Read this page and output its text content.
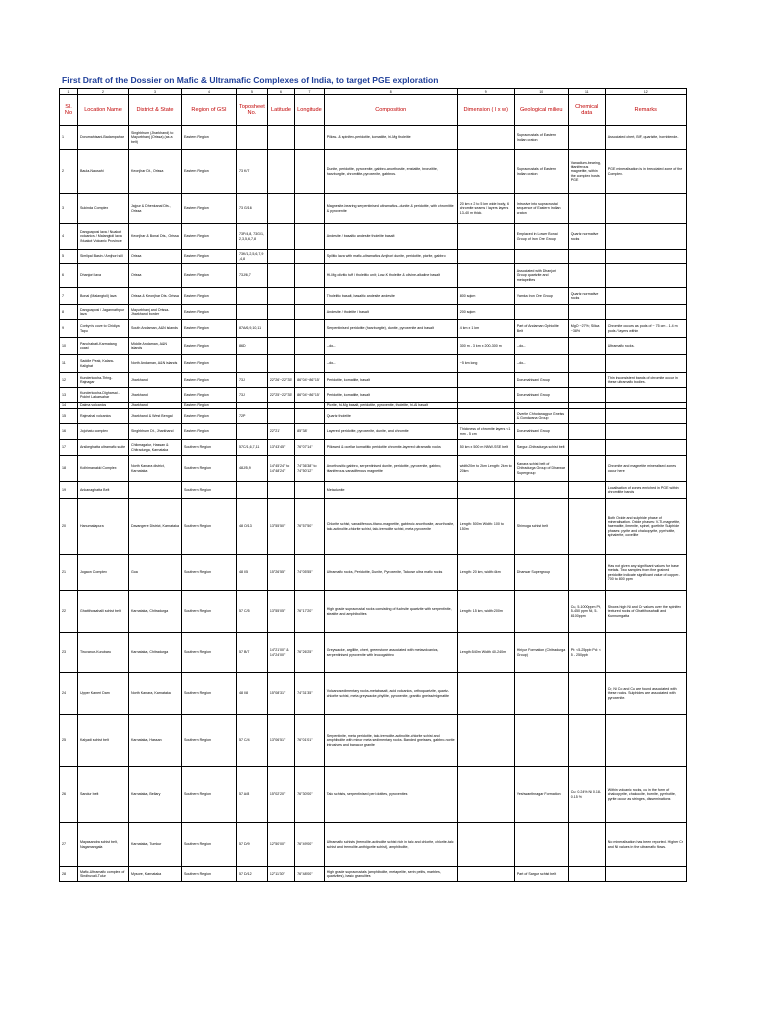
First Draft of the Dossier on Mafic & Ultramafic Complexes of India, to target PGE exploration
1	2	3	4	5	6	7	8	9	10	11	12
Sl. No	Location Name	District & State	Region of GSI	Toposheet No.	Latitude	Longitude	Composition	Dimension ( l x w)	Geological milieu	Chemical data	Remarks
1	Dorumahisani-Badampahar	Singhbhum (Jharkhand) to Mayurbhanj (Orissa) (as a belt)	Eastern Region				Pillow- & spinifex-peridotite, komatiite, hi-Mg tholeiite		Supracrustals of Eastern Indian craton		Associated chert, BIF, quartzite, hornblende-
2	Baula-Nausahi	Keonjhar Dt., Orissa	Eastern Region	73 K/7			Dunite, peridotite, pyroxenite, gabbro-anorthosite, enstatite, bronzitite, harzburgite, chromitite-pyroxenite, gabbros.		Supracrustals of Eastern Indian craton	Vanadium-bearing, titaniferous magnetite, within the complex hosts PGE	PGE mineralisation is in brecciated zone of the Complex.
3	Sukinda Complex	Jajpur & Dhenkanal Dts., Orissa	Eastern Region	73 G/16			Magnesite-bearing serpentinised ultramafics--dunite & peridotite, with chromitite & pyroxenite	20 km x 2 to 5 km wide body, 6 chromite seams / layers layers 13-40 m thick.	Intrusive into supracrustal sequence of Eastern Indian craton		
4	Dangoaposi lava / Nuakot volcanics / Malangtoli lava /Nuakot Volcanic Province	Keonjhar & Bonai Dts., Orissa	Eastern Region	73F/4,8, 73G/1, 2,3,5,6,7,8			Andesite / basaltic andesite tholeiite basalt		Emplaced in Lower Bonai Group of Iron Ore Group	Quartz normative rocks	
5	Simlipal Basin / Amjhori sill	Orissa	Eastern Region	73K/1,2,5,6,7,9 ,4,8			Spilitic lava with mafic-ultramafics Amjhori dunite, peridotite, picrite, gabbro				
6	Dhanjori lava	Orissa	Eastern Region	73J/6,7			Hi-Mg olivitic tuff / tholeiitic unit; Low-K tholeiite & olivine-alkaline basalt		Associated with Dhanjori Group quartzite and metapelites		
7	Bonai (Malangtoli) lava	Orissa & Keonjhar Dts. Orissa	Eastern Region				Tholeiitic basalt, basaltic andesite andesite	800 sqkm	Yamka Iron Ore Group	Quartz normative rocks	
8	Dangoaposi / Jagannathpur lava	Mayurbhanj and Orissa-Jharkhand border	Eastern Region				Andesite / tholeiite / basalt	200 sqkm			
9	Corbyn's cove to Chidiya Tapu	South Andaman, A&N islands	Eastern Region	87A/6,9,10,11			Serpentinised peridotite (harzburgite), dunite, pyroxenite and basalt	4 km x 1 km	Part of Andaman Ophiolite Belt	MgO ~27%; Silica ~38%	Chromite occurs as pods of ~ 75 cm - 1.4 m pods / layers within
10	Panchabati-Karmatang coast	Middle Andaman, A&N islands	Eastern Region	86D			--do--	300 m - 3 km x 200-300 m	--do--		Ultramafic rocks.
11	Saddle Peak, Kalara-Kalighat	North Andaman, A&N islands	Eastern Region				--do--	~5 km long	--do--		
12	Kunderkocha-Tiring-Rajnagar	Jharkhand	Eastern Region	73J	22°26'~22°35'	86°04'~86°15'	Peridotite, komatiite, basalt		Dorumahisani Group		Thin inconsistent bands of chromite occur in these ultramafic bodies.
13	Kunderkocha-Digharsai - Pokhri Lakarsahar	Jharkhand	Eastern Region	73J	22°25'~22°35'	86°04'~86°15'	Peridotite, komatiite, basalt		Dorumahisani Group		
14	Dalma volcanics	Jharkhand	Eastern Region				Picrite, hi-Mg basalt, peridotite, pyroxenite, tholeiite, hi-Al basalt				
15	Rajmahal volcanics	Jharkhand & West Bengal	Eastern Region	72P			Quartz tholeiite		Overlie Chhotanagpur Gneiss & Gondwana Group		
16	Jojohatu complex	Singhbhum Dt., Jharkhand	Eastern Region		22°21'	85°38'	Layered peridotite, pyroxenite, dunite, and chromite	Thickness of chromite layers <1 mm - 5 cm	Dorumahisani Group		
17	Arsikeghatta ultramafic suite	Chikmagalur, Hassan & Chitradurga, Karnataka	Southern Region	57C/1,6,7,11	13°43'45"	76°07'14"	Pillowed & ocellar komatiitic peridotite chromite-layered ultramafic rocks	50 km x 500 m NNW-SSE belt	Sargur-Chitradurga schist belt		
18	Kolhimanakki Complex	North Kanara district, Karnataka	Southern Region	48J/5,9	14°45'24" to 14°48'24"	74°36'38" to 74°50'12"	Anorthositic gabbro, serpentinised dunite, peridotite, pyroxenite, gabbro, titaniferous-vanadiferous magnetite	width20m to 2km Length: 2km to 20km	Kanara schist belt of Chitradurga Group of Dharwar Supergroup		Chromite and magnetite mineralised zones occur here
19	Ankanaghatta Belt		Southern Region				Metadunite				Localisation of zones enriched in PGE within chromitite bands
20	Hanumalapura	Davangere District, Karnataka	Southern Region	48 O/13	13°55'50"	76°57'50"	Chlorite schist, vanadiferous-titano-magnetite, gabbroic anorthosite, anorthosite, talc-actinolite-chlorite schist, talc-tremolite schist, meta pyroxenite	Length: 500m Width: 100 to 150m	Shimoga schist belt		Both Oxide and sulphide phase of mineralisation. Oxide phases: V-Ti-magnetite, haematite, ilmenite, spinel, goethite Sulphide phases: pyrite and chalcopyrite, pyrrhotite, sphalerite, covellite
21	Jogaon Complex	Goa	Southern Region	48 I/5	15°26'55"	74°05'55"	Ultramafic rocks, Peridotite, Dunite, Pyroxenite, Talcose ultra mafic rocks	Length: 20 km, width:4km	Dharwar Supergroup		Has not given any significant values for base metals. Two samples from fine grained peridotite indicate significant value of copper-700 to 800 ppm
22	Ghattihosahalli schist belt	Karnataka, Chitradurga	Southern Region	57 C/5	13°55'05"	76°17'20"	High grade supracrustal rocks consisting of fuchsite quartzite with serpentinite, steatite and amphibolites	Length: 15 km, width:200m		Cu, 5-1000ppm Pt, 5-450 ppm Ni, 5-8100ppm	Shows high Ni and Cr values over the spinifex textured rocks of Ghattihosahalli and Kunnumgatta
23	Tiruvanur-Kurubaru	Karnataka, Chitradurga	Southern Region	57 B/7	14°21'00" & 14°24'00"	76°26'25"	Greywacke, argillite, chert, greenstone associated with metavolcanics, serpentinised pyroxenite with leucogabbro	Length:540m Width 40-240m	Hiriyur Formation (Chitradurga Group)	Pt: <5-25ppb Pd: < 5 - 250ppb	
24	Upper Kaneri Dam	North Kanara, Karnataka	Southern Region	48 I/8	15°08'31"	74°31'35"	Volcanosedimentary rocks-metabasalt, acid volcanics, orthoquartzite, quartz-chlorite schist, meta greywacke,phyllite, pyroxenite, granitic gneiss/migmatite				Cr, Ni Co and Cu are found associated with these rocks. Sulphides are associated with pyroxenite.
25	Kalyadi schist belt	Karnataka, Hassan	Southern Region	57 C/4	13°06'51"	76°01'01"	Serpentinite, meta peridotite, talc-tremolite-actinolite-chlorite schist and amphibolite with minor meta sedimentary rocks. Banded gneisses, gabbro-norite intrusives and banacor granite				
26	Sandur belt	Karnataka, Bellary	Southern Region	57 A/8	15°02'20"	76°30'00"	Talc schists, serpentinised peri dotites, pyroxenites		Yeshwanthnagar Formation	Cu: 0.24% Ni 0.18- 0.15 %	Within volcanic rocks, cu in the form of chalcopyrite, chalcocite, bornite, pyrrhotite, pyrite occur as stringes, disseminations
27	Mayasandra schist belt, Nagamangala	Karnataka, Tumkur	Southern Region	57 D/9	12°50'00"	76°49'00"	Ultramafic schists (tremolite-actinolite schist rich in talc and chlorite, chlorite-talc schist and tremolite-anthigorite schist), amphibolite,				No mineralisation has been reported. Higher Cr and Ni values in the ultramafic flows.
28	Mafic-Ultramafic complex of Sindhuvali-Tulur	Mysore, Karnataka	Southern Region	57 D/12	12°11'30"	76°48'00"	High grade supracrustals (amphibolite, metapelite, serin pelits, marbles, quartzites), basic granulites		Part of Sargur schist belt		
